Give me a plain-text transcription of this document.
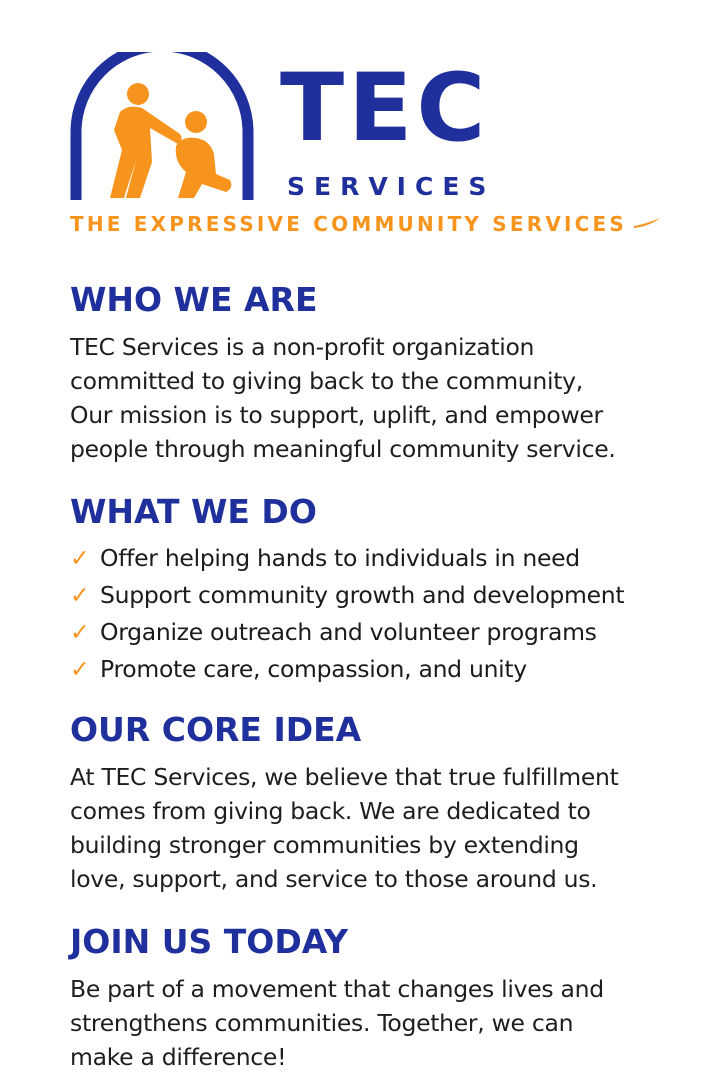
TEC
SERVICES
THE EXPRESSIVE COMMUNITY SERVICES
WHO WE ARE

TEC Services is a non-profit organization
committed to giving back to the community,
Our mission is to support, uplift, and empower
people through meaningful community service.

WHAT WE DO
✓ Offer helping hands to individuals in need
✓ Support community growth and development
✓ Organize outreach and volunteer programs
✓ Promote care, compassion, and unity
OUR CORE IDEA

At TEC Services, we believe that true fulfillment
comes from giving back. We are dedicated to
building stronger communities by extending
love, support, and service to those around us.

JOIN US TODAY

Be part of a movement that changes lives and
strengthens communities. Together, we can
make a difference!
